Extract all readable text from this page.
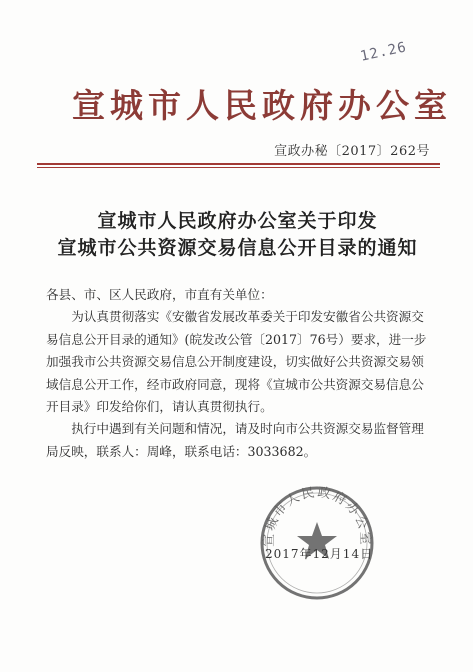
12.26
宣城市人民政府办公室
宣政办秘〔2017〕262号
宣城市人民政府办公室关于印发
宣城市公共资源交易信息公开目录的通知
各县、市、区人民政府，市直有关单位：
为认真贯彻落实《安徽省发展改革委关于印发安徽省公共资源交易信息公开目录的通知》(皖发改公管〔2017〕76号）要求，进一步加强我市公共资源交易信息公开制度建设，切实做好公共资源交易领域信息公开工作，经市政府同意，现将《宣城市公共资源交易信息公开目录》印发给你们，请认真贯彻执行。
执行中遇到有关问题和情况，请及时向市公共资源交易监督管理局反映，联系人：周峰，联系电话：3033682。
宣城市人民政府办公室
2017年12月14日
